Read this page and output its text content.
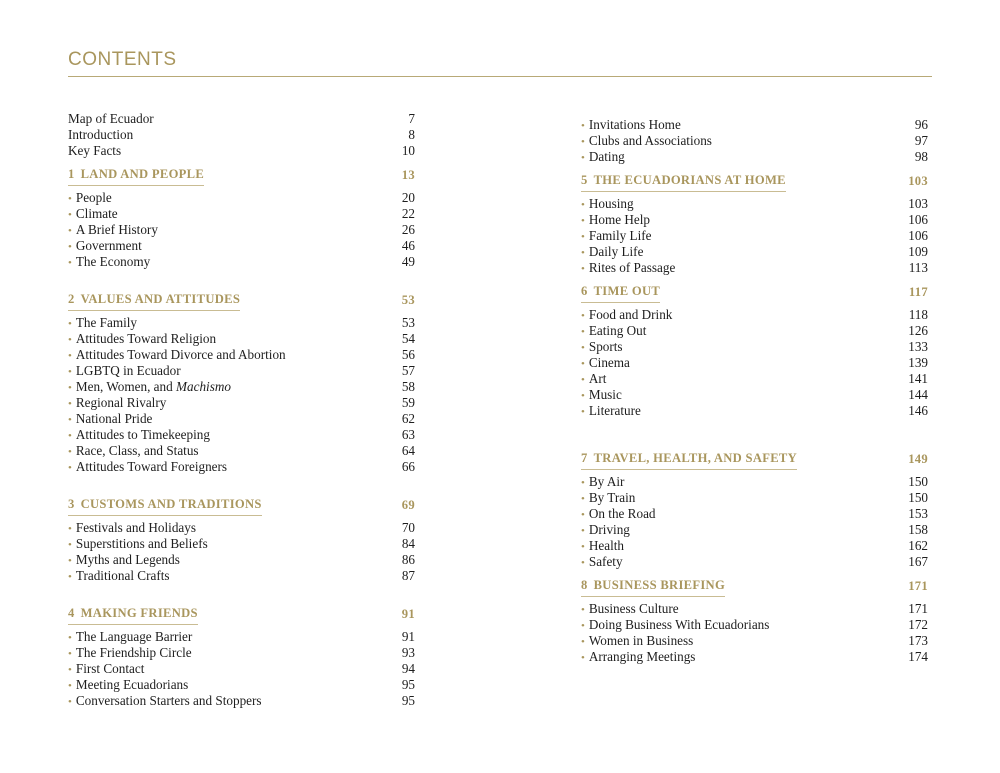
CONTENTS
Map of Ecuador	7
Introduction	8
Key Facts	10
1 LAND AND PEOPLE	13
• People	20
• Climate	22
• A Brief History	26
• Government	46
• The Economy	49
2 VALUES AND ATTITUDES	53
• The Family	53
• Attitudes Toward Religion	54
• Attitudes Toward Divorce and Abortion	56
• LGBTQ in Ecuador	57
• Men, Women, and Machismo	58
• Regional Rivalry	59
• National Pride	62
• Attitudes to Timekeeping	63
• Race, Class, and Status	64
• Attitudes Toward Foreigners	66
3 CUSTOMS AND TRADITIONS	69
• Festivals and Holidays	70
• Superstitions and Beliefs	84
• Myths and Legends	86
• Traditional Crafts	87
4 MAKING FRIENDS	91
• The Language Barrier	91
• The Friendship Circle	93
• First Contact	94
• Meeting Ecuadorians	95
• Conversation Starters and Stoppers	95
• Invitations Home	96
• Clubs and Associations	97
• Dating	98
5 THE ECUADORIANS AT HOME	103
• Housing	103
• Home Help	106
• Family Life	106
• Daily Life	109
• Rites of Passage	113
6 TIME OUT	117
• Food and Drink	118
• Eating Out	126
• Sports	133
• Cinema	139
• Art	141
• Music	144
• Literature	146
7 TRAVEL, HEALTH, AND SAFETY	149
• By Air	150
• By Train	150
• On the Road	153
• Driving	158
• Health	162
• Safety	167
8 BUSINESS BRIEFING	171
• Business Culture	171
• Doing Business With Ecuadorians	172
• Women in Business	173
• Arranging Meetings	174
